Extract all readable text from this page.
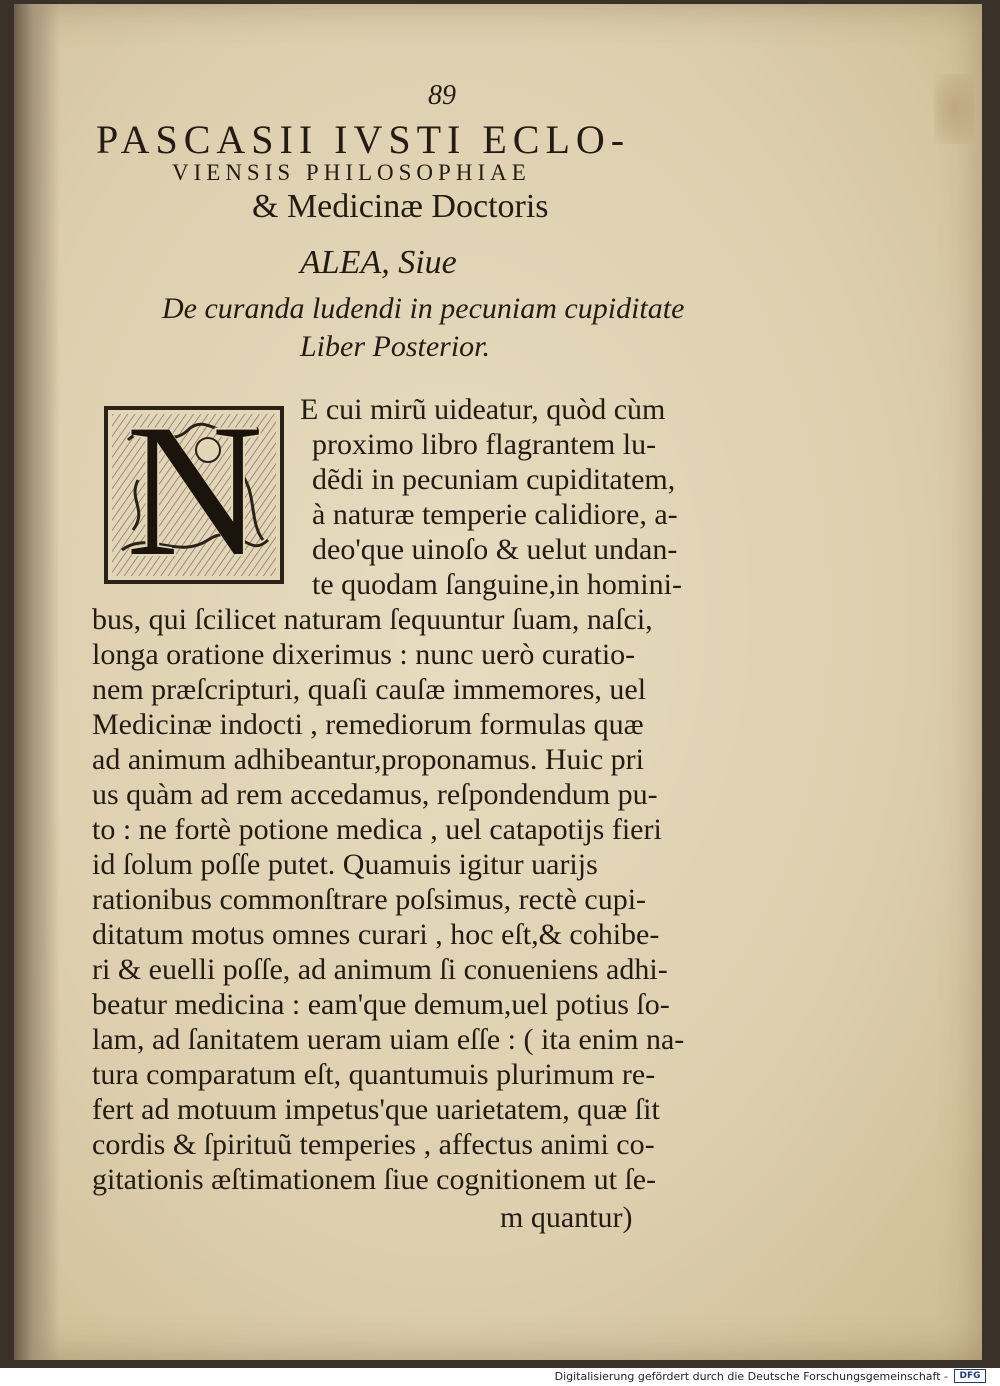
89
PASCASII IVSTI ECLO-
VIENSIS PHILOSOPHIAE
& Medicinæ Doctoris
ALEA, Siue
De curanda ludendi in pecuniam cupiditate
Liber Posterior.
N E cui mirũ uideatur, quòd cùm
proximo libro flagrantem lu-
dẽdi in pecuniam cupiditatem,
à naturæ temperie calidiore, a-
deo'que uinoſo & uelut undan-
te quodam ſanguine,in homini-
bus, qui ſcilicet naturam ſequuntur ſuam, naſci,
longa oratione dixerimus : nunc uerò curatio-
nem præſcripturi, quaſi cauſæ immemores, uel
Medicinæ indocti , remediorum formulas quæ
ad animum adhibeantur,proponamus. Huic pri
us quàm ad rem accedamus, reſpondendum pu-
to : ne fortè potione medica , uel catapotijs fieri
id ſolum poſſe putet. Quamuis igitur uarijs
rationibus commonſtrare poſsimus, rectè cupi-
ditatum motus omnes curari , hoc eſt,& cohibe-
ri & euelli poſſe, ad animum ſi conueniens adhi-
beatur medicina : eam'que demum,uel potius ſo-
lam, ad ſanitatem ueram uiam eſſe : ( ita enim na-
tura comparatum eſt, quantumuis plurimum re-
fert ad motuum impetus'que uarietatem, quæ ſit
cordis & ſpirituũ temperies , affectus animi co-
gitationis æſtimationem ſiue cognitionem ut ſe-
m quantur)
Digitalisierung gefördert durch die Deutsche Forschungsgemeinschaft -	DFG
